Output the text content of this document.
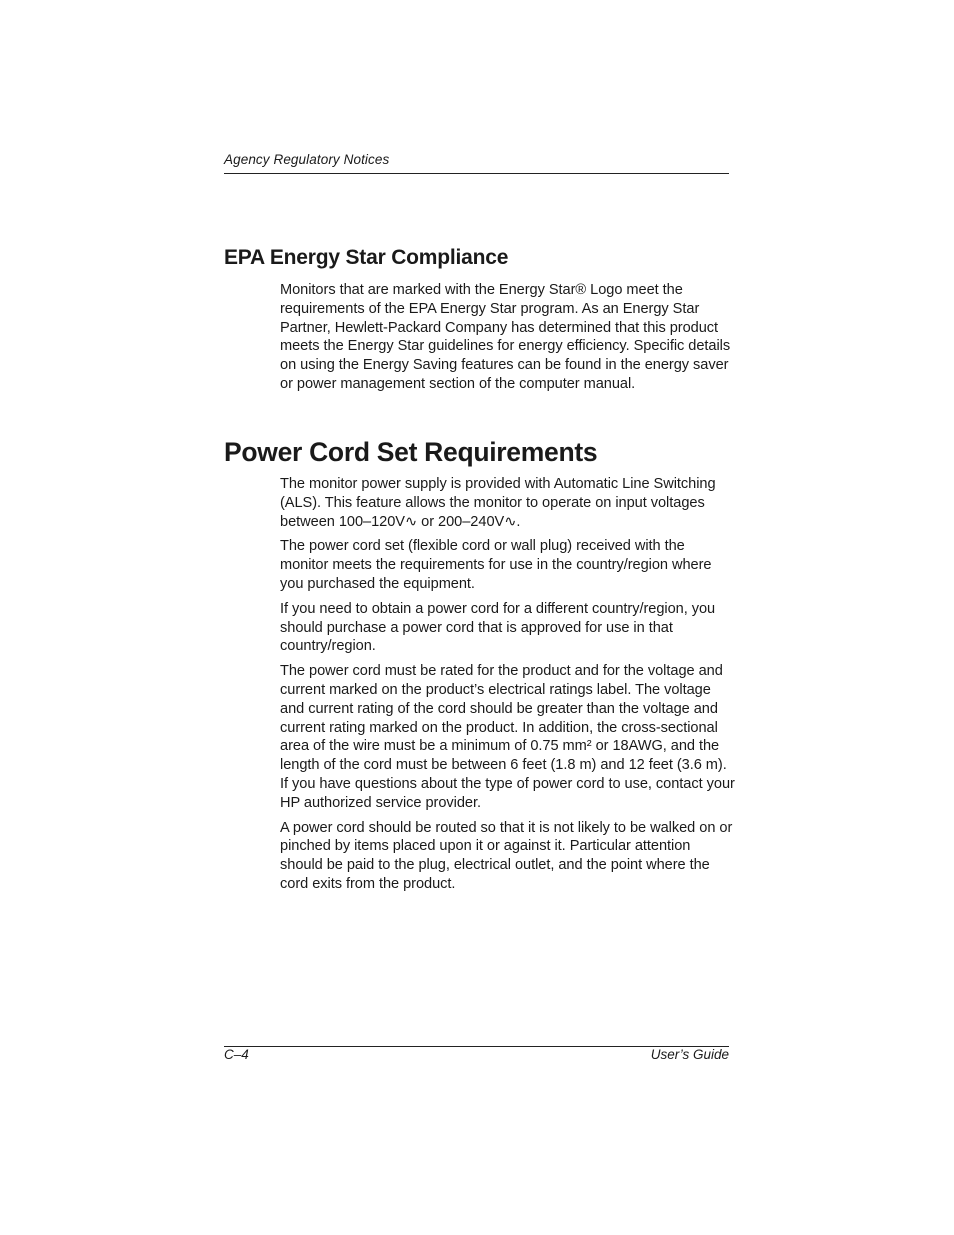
Agency Regulatory Notices
EPA Energy Star Compliance

Monitors that are marked with the Energy Star® Logo meet the requirements of the EPA Energy Star program. As an Energy Star Partner, Hewlett-Packard Company has determined that this product meets the Energy Star guidelines for energy efficiency. Specific details on using the Energy Saving features can be found in the energy saver or power management section of the computer manual.

Power Cord Set Requirements

The monitor power supply is provided with Automatic Line Switching (ALS). This feature allows the monitor to operate on input voltages between 100–120V∿ or 200–240V∿.

The power cord set (flexible cord or wall plug) received with the monitor meets the requirements for use in the country/region where you purchased the equipment.

If you need to obtain a power cord for a different country/region, you should purchase a power cord that is approved for use in that country/region.

The power cord must be rated for the product and for the voltage and current marked on the product’s electrical ratings label. The voltage and current rating of the cord should be greater than the voltage and current rating marked on the product. In addition, the cross-sectional area of the wire must be a minimum of 0.75 mm² or 18AWG, and the length of the cord must be between 6 feet (1.8 m) and 12 feet (3.6 m). If you have questions about the type of power cord to use, contact your HP authorized service provider.

A power cord should be routed so that it is not likely to be walked on or pinched by items placed upon it or against it. Particular attention should be paid to the plug, electrical outlet, and the point where the cord exits from the product.

C–4	User’s Guide
